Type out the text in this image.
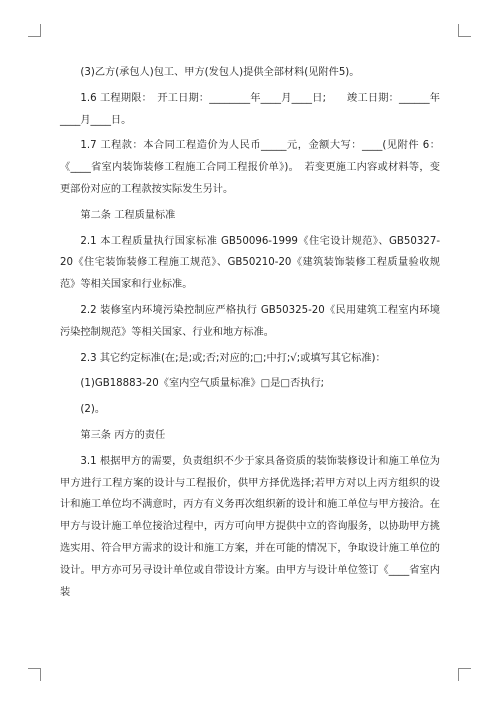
(3)乙方(承包人)包工、甲方(发包人)提供全部材料(见附件5)。

1.6 工程期限：　开工日期：________年____月____日;　　竣工日期：______年____月____日。

1.7 工程款：本合同工程造价为人民币_____元，金额大写：____(见附件 6：《____省室内装饰装修工程施工合同工程报价单》)。　若变更施工内容或材料等，变更部份对应的工程款按实际发生另计。

第二条 工程质量标准

2.1 本工程质量执行国家标准 GB50096-1999《住宅设计规范》、GB50327-20《住宅装饰装修工程施工规范》、GB50210-20《建筑装饰装修工程质量验收规范》等相关国家和行业标准。

2.2 装修室内环境污染控制应严格执行 GB50325-20《民用建筑工程室内环境污染控制规范》等相关国家、行业和地方标准。

2.3 其它约定标准(在;是;或;否;对应的;□;中打;√;或填写其它标准)：

(1)GB18883-20《室内空气质量标准》□是□否执行;

(2)。

第三条 丙方的责任

3.1 根据甲方的需要，负责组织不少于家具备资质的装饰装修设计和施工单位为甲方进行工程方案的设计与工程报价，供甲方择优选择;若甲方对以上丙方组织的设计和施工单位均不满意时，丙方有义务再次组织新的设计和施工单位与甲方接洽。在甲方与设计施工单位接洽过程中，丙方可向甲方提供中立的咨询服务，以协助甲方挑选实用、符合甲方需求的设计和施工方案，并在可能的情况下，争取设计施工单位的设计。甲方亦可另寻设计单位或自带设计方案。由甲方与设计单位签订《____省室内装
